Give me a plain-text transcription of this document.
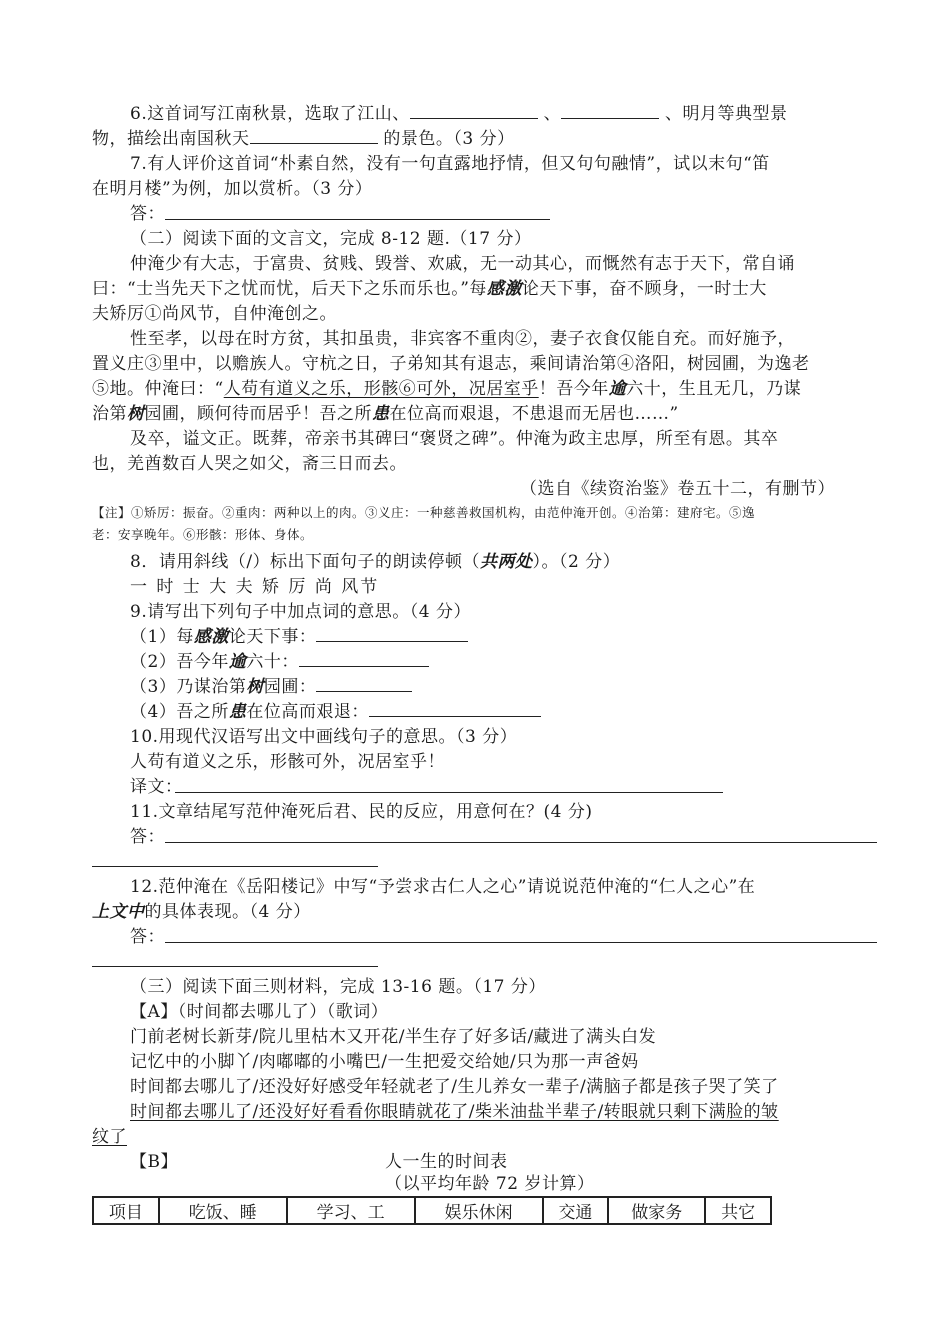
6.这首词写江南秋景，选取了江山、	、	、明月等典型景
物，描绘出南国秋天	的景色。（3 分）
7.有人评价这首词“朴素自然，没有一句直露地抒情，但又句句融情”，试以末句“笛
在明月楼”为例，加以赏析。（3 分）
答：
（二）阅读下面的文言文，完成 8-12 题.（17 分）
仲淹少有大志，于富贵、贫贱、毁誉、欢戚，无一动其心，而慨然有志于天下，常自诵
曰：“士当先天下之忧而忧，后天下之乐而乐也。”每感激论天下事，奋不顾身，一时士大
夫矫厉①尚风节，自仲淹创之。
性至孝，以母在时方贫，其扣虽贵，非宾客不重肉②，妻子衣食仅能自充。而好施予，
置义庄③里中，以赡族人。守杭之日，子弟知其有退志，乘间请治第④洛阳，树园圃，为逸老
⑤地。仲淹曰：“人苟有道义之乐，形骸⑥可外，况居室乎！吾今年逾六十，生且无几，乃谋
治第树园圃，顾何待而居乎！吾之所患在位高而艰退，不患退而无居也……”
及卒，谥文正。既葬，帝亲书其碑曰“褒贤之碑”。仲淹为政主忠厚，所至有恩。其卒
也，羌酋数百人哭之如父，斋三日而去。
（选自《续资治鉴》卷五十二，有删节）
【注】①矫厉：振奋。②重肉：两种以上的肉。③义庄：一种慈善救国机构，由范仲淹开创。④治第：建府宅。⑤逸
老：安享晚年。⑥形骸：形体、身体。
8．请用斜线（/）标出下面句子的朗读停顿（共两处）。（2 分）
一 时 士 大 夫 矫 厉 尚 风节
9.请写出下列句子中加点词的意思。（4 分）
（1）每感激论天下事：
（2）吾今年逾六十：
（3）乃谋治第树园圃：
（4）吾之所患在位高而艰退：
10.用现代汉语写出文中画线句子的意思。（3 分）
人苟有道义之乐，形骸可外，况居室乎！
译文：
11.文章结尾写范仲淹死后君、民的反应，用意何在？(4 分)
答：
12.范仲淹在《岳阳楼记》中写“予尝求古仁人之心”请说说范仲淹的“仁人之心”在
上文中的具体表现。（4 分）
答：
（三）阅读下面三则材料，完成 13-16 题。（17 分）
【A】（时间都去哪儿了）（歌词）
门前老树长新芽/院儿里枯木又开花/半生存了好多话/藏进了满头白发
记忆中的小脚丫/肉嘟嘟的小嘴巴/一生把爱交给她/只为那一声爸妈
时间都去哪儿了/还没好好感受年轻就老了/生儿养女一辈子/满脑子都是孩子哭了笑了
时间都去哪儿了/还没好好看看你眼睛就花了/柴米油盐半辈子/转眼就只剩下满脸的皱
纹了
【B】	人一生的时间表
（以平均年龄 72 岁计算）
项目	吃饭、睡	学习、工	娱乐休闲	交通	做家务	共它
